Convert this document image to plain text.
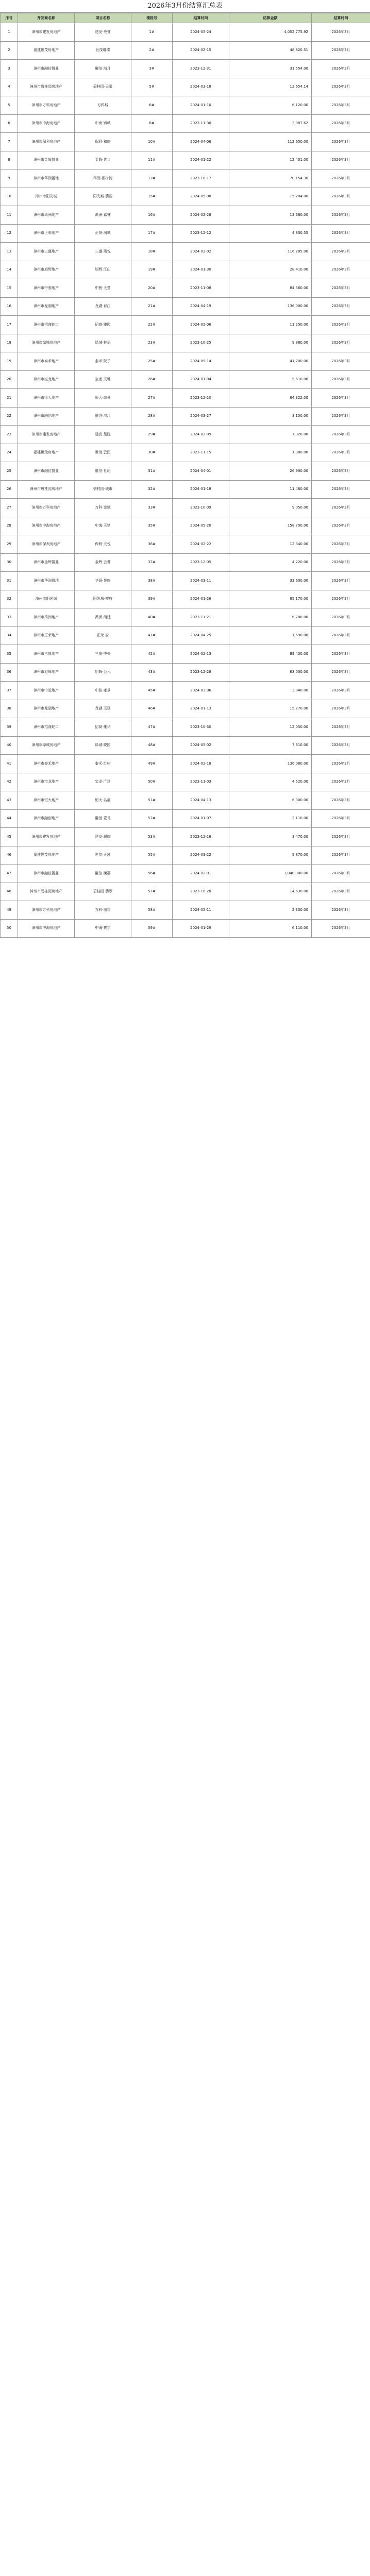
2026年3月份结算汇总表
序号	开发商名称	项目名称	楼栋号	结算时间	结算金额	结算时间
1	漳州市建发房地产	建发·央誉	1#	2024-05-24	4,052,775.92	2026年3月
2	福建世茂房地产	世茂璀璨	2#	2024-02-15	48,820.51	2026年3月
3	漳州市融信置业	融信·海月	3#	2023-12-31	31,554.00	2026年3月
4	漳州市碧桂园房地产	碧桂园·天玺	5#	2024-03-18	12,654.14	2026年3月
5	漳州市万科房地产	万科城	6#	2024-01-10	6,120.00	2026年3月
6	漳州市中海房地产	中海·锦城	8#	2023-11-30	3,987.62	2026年3月
7	漳州市保利房地产	保利·和府	10#	2024-04-06	112,650.00	2026年3月
8	漳州市金辉置业	金辉·优步	11#	2024-01-22	12,401.00	2026年3月
9	漳州市华润置地	华润·橡树湾	12#	2023-10-17	70,154.30	2026年3月
10	漳州市阳光城	阳光城·翡丽	15#	2024-05-08	15,204.00	2026年3月
11	漳州市禹洲地产	禹洲·嘉誉	16#	2024-02-28	13,680.00	2026年3月
12	漳州市正荣地产	正荣·润城	17#	2023-12-12	4,830.55	2026年3月
13	漳州市三盛地产	三盛·璞悦	18#	2024-03-02	116,285.00	2026年3月
14	漳州市旭辉地产	旭辉·江山	19#	2024-01-30	28,410.00	2026年3月
15	漳州市中骏地产	中骏·天荟	20#	2023-11-08	84,560.00	2026年3月
16	漳州市龙湖地产	龙湖·春江	21#	2024-04-19	136,000.00	2026年3月
17	漳州市招商蛇口	招商·臻园	22#	2024-02-06	11,250.00	2026年3月
18	漳州市绿城房地产	绿城·桂语	23#	2023-10-25	9,880.00	2026年3月
19	漳州市泰禾地产	泰禾·院子	25#	2024-05-14	41,200.00	2026年3月
20	漳州市宝龙地产	宝龙·天地	26#	2024-01-04	5,610.00	2026年3月
21	漳州市恒大地产	恒大·御景	27#	2023-12-20	64,322.00	2026年3月
22	漳州市融创地产	融创·滨江	28#	2024-03-27	3,150.00	2026年3月
23	漳州市建发房地产	建发·玺院	29#	2024-02-09	7,320.00	2026年3月
24	福建世茂房地产	世茂·云图	30#	2023-11-15	1,380.00	2026年3月
25	漳州市融信置业	融信·世纪	31#	2024-04-01	26,900.00	2026年3月
26	漳州市碧桂园房地产	碧桂园·城市	32#	2024-01-18	11,460.00	2026年3月
27	漳州市万科房地产	万科·金域	33#	2023-10-09	9,050.00	2026年3月
28	漳州市中海房地产	中海·天钻	35#	2024-05-20	158,700.00	2026年3月
29	漳州市保利房地产	保利·天悦	36#	2024-02-22	12,340.00	2026年3月
30	漳州市金辉置业	金辉·云著	37#	2023-12-05	4,220.00	2026年3月
31	漳州市华润置地	华润·悦府	38#	2024-03-11	33,600.00	2026年3月
32	漳州市阳光城	阳光城·檀府	39#	2024-01-26	85,170.00	2026年3月
33	漳州市禹洲地产	禹洲·朗廷	40#	2023-11-21	6,780.00	2026年3月
34	漳州市正荣地产	正荣·府	41#	2024-04-25	1,590.00	2026年3月
35	漳州市三盛地产	三盛·中央	42#	2024-02-13	89,400.00	2026年3月
36	漳州市旭辉地产	旭辉·公元	43#	2023-12-28	63,000.00	2026年3月
37	漳州市中骏地产	中骏·雍景	45#	2024-03-06	3,840.00	2026年3月
38	漳州市龙湖地产	龙湖·天璞	46#	2024-01-13	15,270.00	2026年3月
39	漳州市招商蛇口	招商·雍华	47#	2023-10-30	12,050.00	2026年3月
40	漳州市绿城房地产	绿城·晓园	48#	2024-05-02	7,610.00	2026年3月
41	漳州市泰禾地产	泰禾·红树	49#	2024-02-18	136,080.00	2026年3月
42	漳州市宝龙地产	宝龙·广场	50#	2023-11-03	4,520.00	2026年3月
43	漳州市恒大地产	恒大·名都	51#	2024-04-13	6,300.00	2026年3月
44	漳州市融创地产	融创·壹号	52#	2024-01-07	2,110.00	2026年3月
45	漳州市建发房地产	建发·璟院	53#	2023-12-16	3,470.00	2026年3月
46	福建世茂房地产	世茂·天境	55#	2024-03-22	9,870.00	2026年3月
47	漳州市融信置业	融信·澜郡	56#	2024-02-01	1,040,300.00	2026年3月
48	漳州市碧桂园房地产	碧桂园·翡翠	57#	2023-10-20	14,630.00	2026年3月
49	漳州市万科房地产	万科·城市	58#	2024-05-11	2,330.00	2026年3月
50	漳州市中海房地产	中海·寰宇	59#	2024-01-29	6,110.00	2026年3月
